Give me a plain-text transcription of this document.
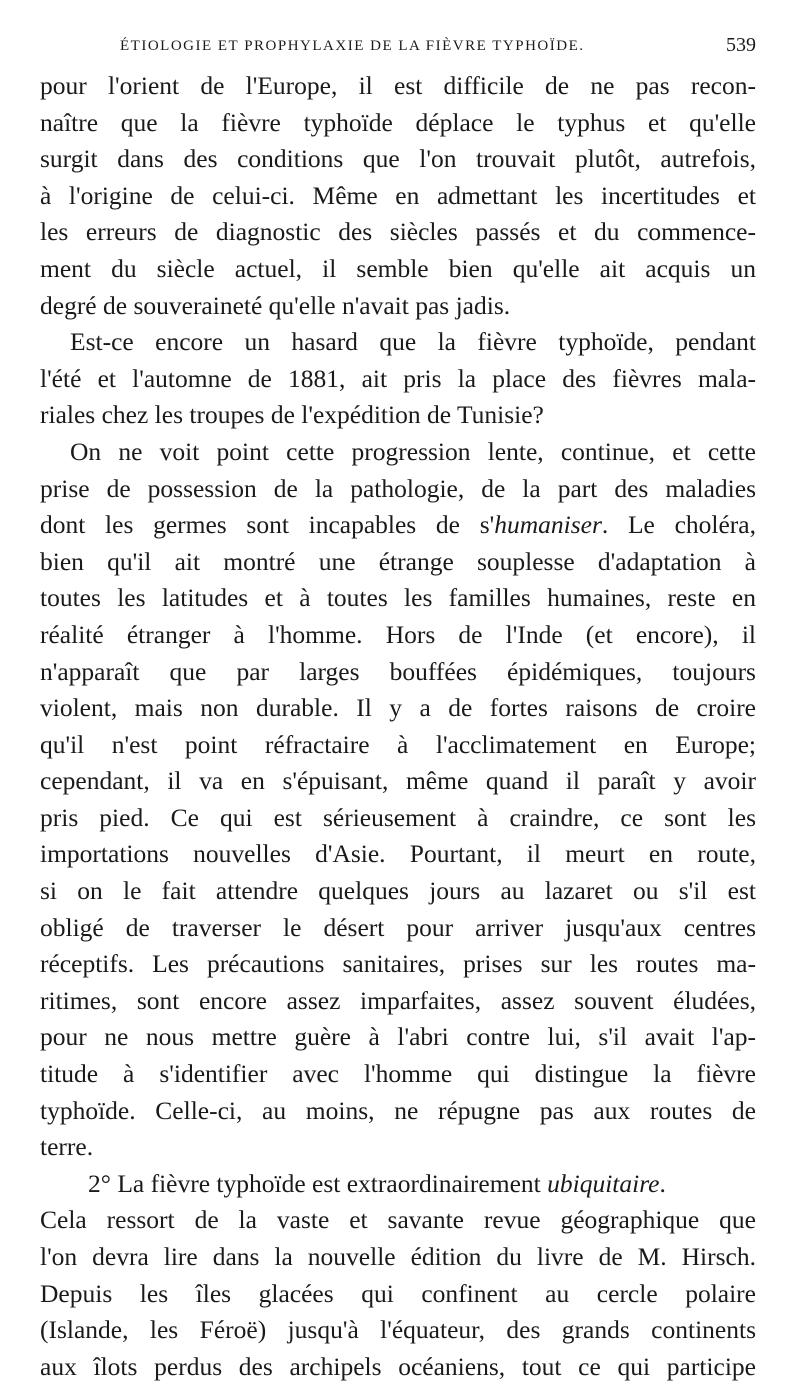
ÉTIOLOGIE ET PROPHYLAXIE DE LA FIÈVRE TYPHOÏDE.	539
pour l'orient de l'Europe, il est difficile de ne pas recon-
naître que la fièvre typhoïde déplace le typhus et qu'elle
surgit dans des conditions que l'on trouvait plutôt, autrefois,
à l'origine de celui-ci. Même en admettant les incertitudes et
les erreurs de diagnostic des siècles passés et du commence-
ment du siècle actuel, il semble bien qu'elle ait acquis un
degré de souveraineté qu'elle n'avait pas jadis.
Est-ce encore un hasard que la fièvre typhoïde, pendant
l'été et l'automne de 1881, ait pris la place des fièvres mala-
riales chez les troupes de l'expédition de Tunisie?
On ne voit point cette progression lente, continue, et cette
prise de possession de la pathologie, de la part des maladies
dont les germes sont incapables de s'humaniser. Le choléra,
bien qu'il ait montré une étrange souplesse d'adaptation à
toutes les latitudes et à toutes les familles humaines, reste en
réalité étranger à l'homme. Hors de l'Inde (et encore), il
n'apparaît que par larges bouffées épidémiques, toujours
violent, mais non durable. Il y a de fortes raisons de croire
qu'il n'est point réfractaire à l'acclimatement en Europe;
cependant, il va en s'épuisant, même quand il paraît y avoir
pris pied. Ce qui est sérieusement à craindre, ce sont les
importations nouvelles d'Asie. Pourtant, il meurt en route,
si on le fait attendre quelques jours au lazaret ou s'il est
obligé de traverser le désert pour arriver jusqu'aux centres
réceptifs. Les précautions sanitaires, prises sur les routes ma-
ritimes, sont encore assez imparfaites, assez souvent éludées,
pour ne nous mettre guère à l'abri contre lui, s'il avait l'ap-
titude à s'identifier avec l'homme qui distingue la fièvre
typhoïde. Celle-ci, au moins, ne répugne pas aux routes de
terre.
2° La fièvre typhoïde est extraordinairement ubiquitaire.
Cela ressort de la vaste et savante revue géographique que
l'on devra lire dans la nouvelle édition du livre de M. Hirsch.
Depuis les îles glacées qui confinent au cercle polaire
(Islande, les Féroë) jusqu'à l'équateur, des grands continents
aux îlots perdus des archipels océaniens, tout ce qui participe
